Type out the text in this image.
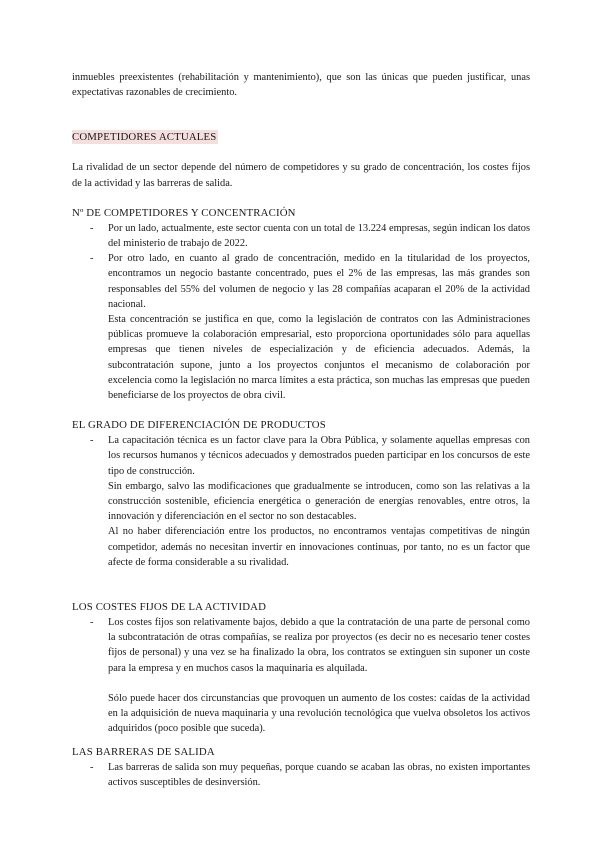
inmuebles preexistentes (rehabilitación y mantenimiento), que son las únicas que pueden justificar, unas expectativas razonables de crecimiento.

COMPETIDORES ACTUALES

La rivalidad de un sector depende del número de competidores y su grado de concentración, los costes fijos de la actividad y las barreras de salida.

Nº DE COMPETIDORES Y CONCENTRACIÓN

-	Por un lado, actualmente, este sector cuenta con un total de 13.224 empresas, según indican los datos del ministerio de trabajo de 2022.

-	Por otro lado, en cuanto al grado de concentración, medido en la titularidad de los proyectos, encontramos un negocio bastante concentrado, pues el 2% de las empresas, las más grandes son responsables del 55% del volumen de negocio y las 28 compañías acaparan el 20% de la actividad nacional.

Esta concentración se justifica en que, como la legislación de contratos con las Administraciones públicas promueve la colaboración empresarial, esto proporciona oportunidades sólo para aquellas empresas que tienen niveles de especialización y de eficiencia adecuados. Además, la subcontratación supone, junto a los proyectos conjuntos el mecanismo de colaboración por excelencia como la legislación no marca límites a esta práctica, son muchas las empresas que pueden beneficiarse de los proyectos de obra civil.

EL GRADO DE DIFERENCIACIÓN DE PRODUCTOS

-	La capacitación técnica es un factor clave para la Obra Pública, y solamente aquellas empresas con los recursos humanos y técnicos adecuados y demostrados pueden participar en los concursos de este tipo de construcción.

Sin embargo, salvo las modificaciones que gradualmente se introducen, como son las relativas a la construcción sostenible, eficiencia energética o generación de energías renovables, entre otros, la innovación y diferenciación en el sector no son destacables.

Al no haber diferenciación entre los productos, no encontramos ventajas competitivas de ningún competidor, además no necesitan invertir en innovaciones continuas, por tanto, no es un factor que afecte de forma considerable a su rivalidad.

LOS COSTES FIJOS DE LA ACTIVIDAD

-	Los costes fijos son relativamente bajos, debido a que la contratación de una parte de personal como la subcontratación de otras compañías, se realiza por proyectos (es decir no es necesario tener costes fijos de personal) y una vez se ha finalizado la obra, los contratos se extinguen sin suponer un coste para la empresa y en muchos casos la maquinaria es alquilada.

Sólo puede hacer dos circunstancias que provoquen un aumento de los costes: caídas de la actividad en la adquisición de nueva maquinaria y una revolución tecnológica que vuelva obsoletos los activos adquiridos (poco posible que suceda).

LAS BARRERAS DE SALIDA

-	Las barreras de salida son muy pequeñas, porque cuando se acaban las obras, no existen importantes activos susceptibles de desinversión.
